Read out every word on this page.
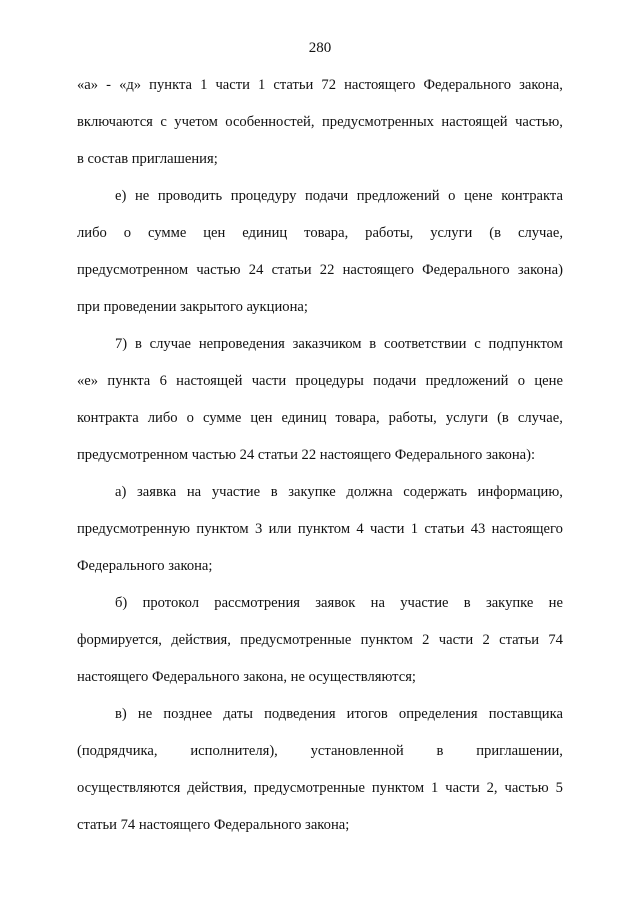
280
«а» - «д» пункта 1 части 1 статьи 72 настоящего Федерального закона,
включаются с учетом особенностей, предусмотренных настоящей частью,
в состав приглашения;
е) не проводить процедуру подачи предложений о цене контракта
либо о сумме цен единиц товара, работы, услуги (в случае,
предусмотренном частью 24 статьи 22 настоящего Федерального закона)
при проведении закрытого аукциона;
7) в случае непроведения заказчиком в соответствии с подпунктом
«е» пункта 6 настоящей части процедуры подачи предложений о цене
контракта либо о сумме цен единиц товара, работы, услуги (в случае,
предусмотренном частью 24 статьи 22 настоящего Федерального закона):
а) заявка на участие в закупке должна содержать информацию,
предусмотренную пунктом 3 или пунктом 4 части 1 статьи 43 настоящего
Федерального закона;
б) протокол рассмотрения заявок на участие в закупке не
формируется, действия, предусмотренные пунктом 2 части 2 статьи 74
настоящего Федерального закона, не осуществляются;
в) не позднее даты подведения итогов определения поставщика
(подрядчика, исполнителя), установленной в приглашении,
осуществляются действия, предусмотренные пунктом 1 части 2, частью 5
статьи 74 настоящего Федерального закона;
